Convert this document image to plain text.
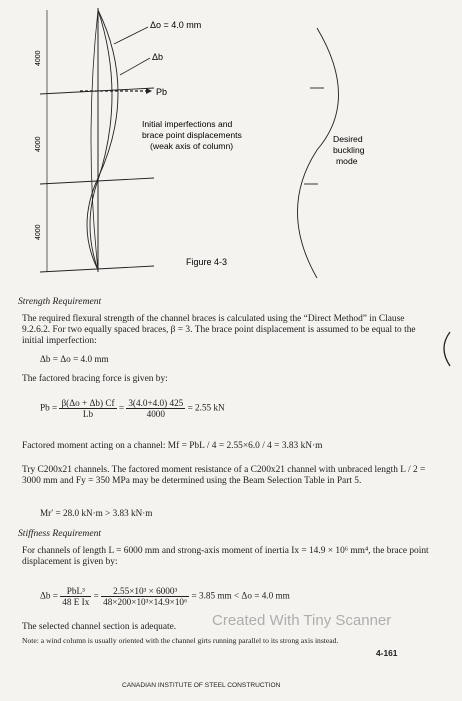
Δo = 4.0 mm
Δb
Pb
4000
4000
4000
Initial imperfections and
brace point displacements
(weak axis of column)
Desired
buckling
mode
Figure 4-3
Strength Requirement
The required flexural strength of the channel braces is calculated using the “Direct Method” in Clause 9.2.6.2. For two equally spaced braces, β = 3. The brace point displacement is assumed to be equal to the initial imperfection:
Δb = Δo = 4.0 mm
The factored bracing force is given by:
$Pb = \frac{\beta(\Delta o + \Delta b) Cf}{Lb} = \frac{3(4.0+4.0) 425}{4000} = 2.55$ kN
Factored moment acting on a channel: Mf = PbL / 4 = 2.55×6.0 / 4 = 3.83 kN·m
Try C200x21 channels. The factored moment resistance of a C200x21 channel with unbraced length L / 2 = 3000 mm and Fy = 350 MPa may be determined using the Beam Selection Table in Part 5.
Mr′ = 28.0 kN·m > 3.83 kN·m
Stiffness Requirement
For channels of length L = 6000 mm and strong-axis moment of inertia Ix = 14.9 × 10⁶ mm⁴, the brace point displacement is given by:
$\Delta b = \frac{\text{PbL³}}{\text{48 E Ix}} = \frac{\text{2.55×10³ × 6000³}}{\text{48×200×10³×14.9×10⁶}} = 3.85$ mm < Δo = 4.0 mm
The selected channel section is adequate.
Note: a wind column is usually oriented with the channel girts running parallel to its strong axis instead.
Created With Tiny Scanner
CANADIAN INSTITUTE OF STEEL CONSTRUCTION
4-161
